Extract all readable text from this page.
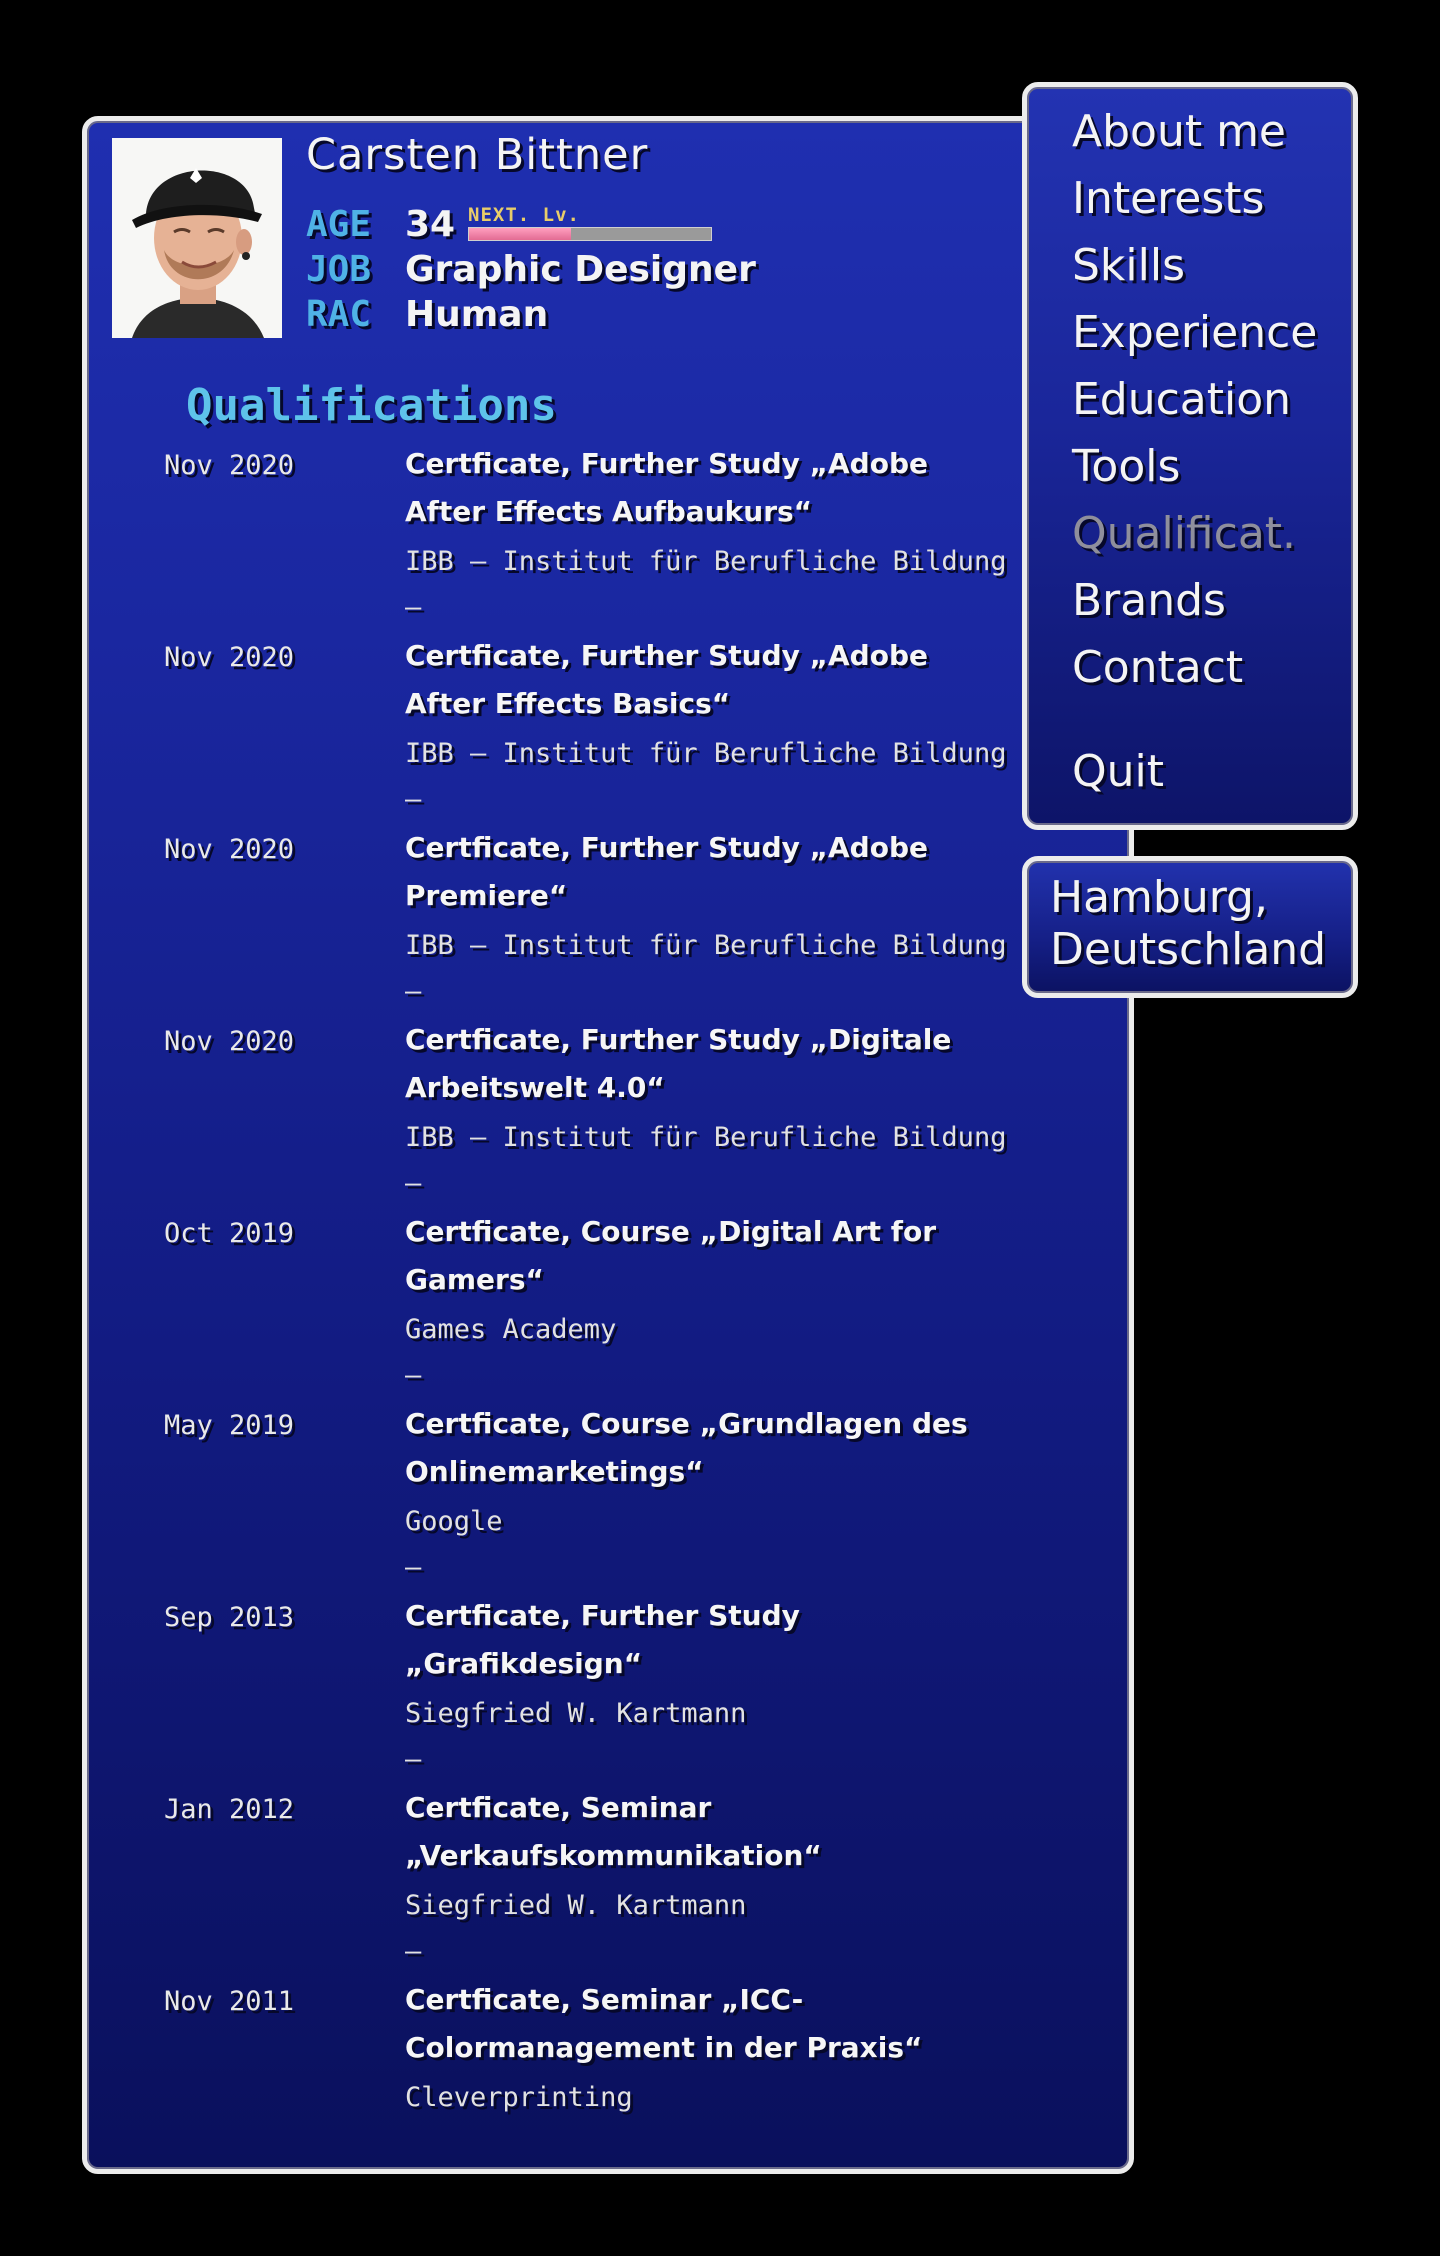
Carsten Bittner
AGE 34 NEXT. Lv.
JOB Graphic Designer
RAC Human
Qualifications
Nov 2020	Certficate, Further Study „Adobe After Effects Aufbaukurs“
IBB – Institut für Berufliche Bildung
–
Nov 2020	Certficate, Further Study „Adobe After Effects Basics“
IBB – Institut für Berufliche Bildung
–
Nov 2020	Certficate, Further Study „Adobe Premiere“
IBB – Institut für Berufliche Bildung
–
Nov 2020	Certficate, Further Study „Digitale Arbeitswelt 4.0“
IBB – Institut für Berufliche Bildung
–
Oct 2019	Certficate, Course „Digital Art for Gamers“
Games Academy
–
May 2019	Certficate, Course „Grundlagen des Onlinemarketings“
Google
–
Sep 2013	Certficate, Further Study „Grafikdesign“
Siegfried W. Kartmann
–
Jan 2012	Certficate, Seminar „Verkaufskommunikation“
Siegfried W. Kartmann
–
Nov 2011	Certficate, Seminar „ICC-Colormanagement in der Praxis“
Cleverprinting
About me
Interests
Skills
Experience
Education
Tools
Qualificat.
Brands
Contact
Quit
Hamburg,
Deutschland
